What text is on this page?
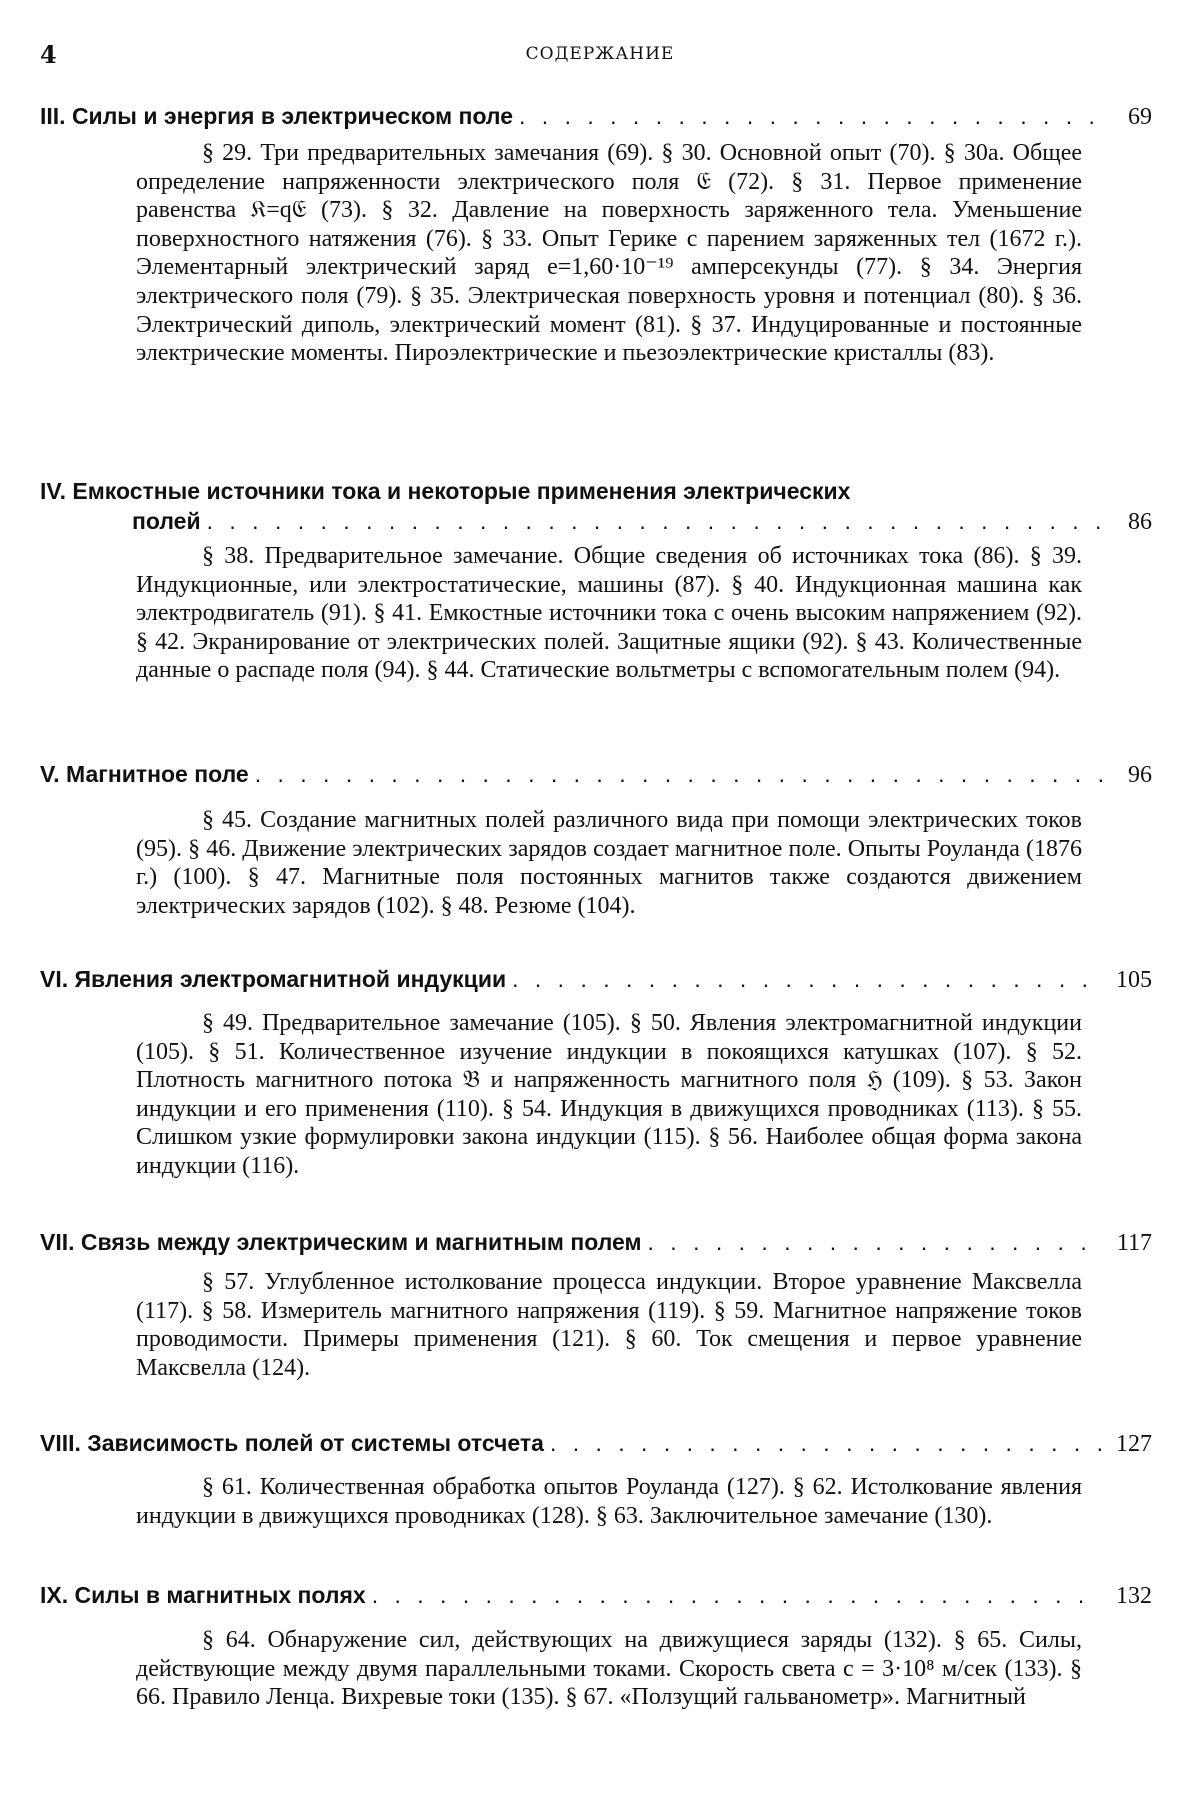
4	СОДЕРЖАНИЕ
III. Силы и энергия в электрическом поле . . .	69
§ 29. Три предварительных замечания (69). § 30. Основной опыт (70). § 30а. Общее определение напряженности электрического поля 𝔈 (72). § 31. Первое применение равенства 𝔎=q𝔈 (73). § 32. Давление на поверхность заряженного тела. Уменьшение поверхностного натяжения (76). § 33. Опыт Герике с парением заряженных тел (1672 г.). Элементарный электрический заряд e=1,60·10⁻¹⁹ амперсекунды (77). § 34. Энергия электрического поля (79). § 35. Электрическая поверхность уровня и потенциал (80). § 36. Электрический диполь, электрический момент (81). § 37. Индуцированные и постоянные электрические моменты. Пироэлектрические и пьезоэлектрические кристаллы (83).
IV. Емкостные источники тока и некоторые применения электрических
полей . . .	86
§ 38. Предварительное замечание. Общие сведения об источниках тока (86). § 39. Индукционные, или электростатические, машины (87). § 40. Индукционная машина как электродвигатель (91). § 41. Емкостные источники тока с очень высоким напряжением (92). § 42. Экранирование от электрических полей. Защитные ящики (92). § 43. Количественные данные о распаде поля (94). § 44. Статические вольтметры с вспомогательным полем (94).
V. Магнитное поле . . .	96
§ 45. Создание магнитных полей различного вида при помощи электрических токов (95). § 46. Движение электрических зарядов создает магнитное поле. Опыты Роуланда (1876 г.) (100). § 47. Магнитные поля постоянных магнитов также создаются движением электрических зарядов (102). § 48. Резюме (104).
VI. Явления электромагнитной индукции . . .	105
§ 49. Предварительное замечание (105). § 50. Явления электромагнитной индукции (105). § 51. Количественное изучение индукции в покоящихся катушках (107). § 52. Плотность магнитного потока 𝔅 и напряженность магнитного поля ℌ (109). § 53. Закон индукции и его применения (110). § 54. Индукция в движущихся проводниках (113). § 55. Слишком узкие формулировки закона индукции (115). § 56. Наиболее общая форма закона индукции (116).
VII. Связь между электрическим и магнитным полем . . .	117
§ 57. Углубленное истолкование процесса индукции. Второе уравнение Максвелла (117). § 58. Измеритель магнитного напряжения (119). § 59. Магнитное напряжение токов проводимости. Примеры применения (121). § 60. Ток смещения и первое уравнение Максвелла (124).
VIII. Зависимость полей от системы отсчета . . .	127
§ 61. Количественная обработка опытов Роуланда (127). § 62. Истолкование явления индукции в движущихся проводниках (128). § 63. Заключительное замечание (130).
IX. Силы в магнитных полях . . .	132
§ 64. Обнаружение сил, действующих на движущиеся заряды (132). § 65. Силы, действующие между двумя параллельными токами. Скорость света c = 3·10⁸ м/сек (133). § 66. Правило Ленца. Вихревые токи (135). § 67. «Ползущий гальванометр». Магнитный
